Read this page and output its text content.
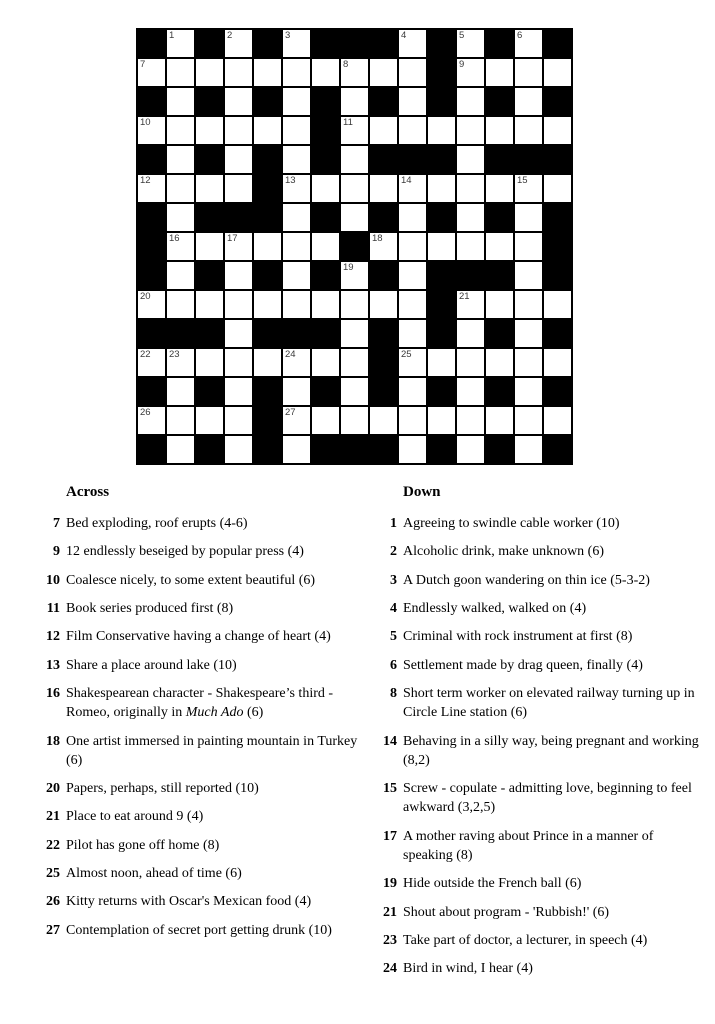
1	2	3	4	5	6
7	8	9
10	11
12	13	14	15
16	17	18
19
20	21
22 23	24	25
26	27
Across
7 Bed exploding, roof erupts (4-6)
9 12 endlessly beseiged by popular press (4)
10 Coalesce nicely, to some extent beautiful (6)
11 Book series produced first (8)
12 Film Conservative having a change of heart (4)
13 Share a place around lake (10)
16 Shakespearean character - Shakespeare’s third - Romeo, originally in Much Ado (6)
18 One artist immersed in painting mountain in Turkey (6)
20 Papers, perhaps, still reported (10)
21 Place to eat around 9 (4)
22 Pilot has gone off home (8)
25 Almost noon, ahead of time (6)
26 Kitty returns with Oscar's Mexican food (4)
27 Contemplation of secret port getting drunk (10)
Down
1 Agreeing to swindle cable worker (10)
2 Alcoholic drink, make unknown (6)
3 A Dutch goon wandering on thin ice (5-3-2)
4 Endlessly walked, walked on (4)
5 Criminal with rock instrument at first (8)
6 Settlement made by drag queen, finally (4)
8 Short term worker on elevated railway turning up in Circle Line station (6)
14 Behaving in a silly way, being pregnant and working (8,2)
15 Screw - copulate - admitting love, beginning to feel awkward (3,2,5)
17 A mother raving about Prince in a manner of speaking (8)
19 Hide outside the French ball (6)
21 Shout about program - 'Rubbish!' (6)
23 Take part of doctor, a lecturer, in speech (4)
24 Bird in wind, I hear (4)
